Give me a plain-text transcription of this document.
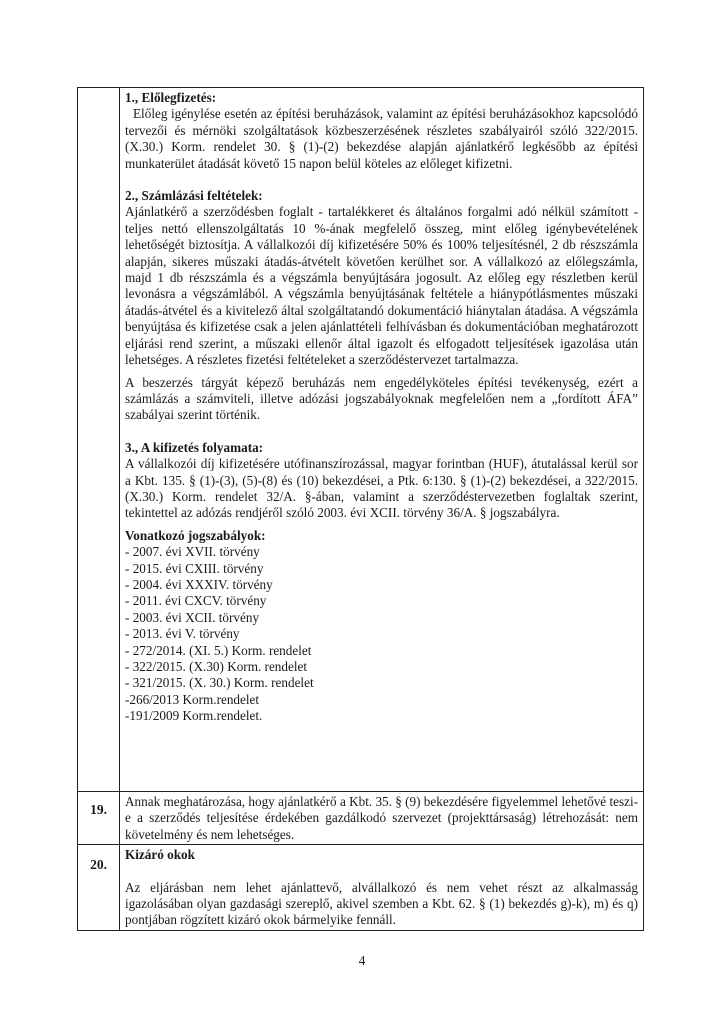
1., Előlegfizetés:
Előleg igénylése esetén az építési beruházások, valamint az építési beruházásokhoz kapcsolódó tervezői és mérnöki szolgáltatások közbeszerzésének részletes szabályairól szóló 322/2015. (X.30.) Korm. rendelet 30. § (1)-(2) bekezdése alapján ajánlatkérő legkésőbb az építési munkaterület átadását követő 15 napon belül köteles az előleget kifizetni.
2., Számlázási feltételek:
Ajánlatkérő a szerződésben foglalt - tartalékkeret és általános forgalmi adó nélkül számított - teljes nettó ellenszolgáltatás 10 %-ának megfelelő összeg, mint előleg igénybevételének lehetőségét biztosítja. A vállalkozói díj kifizetésére 50% és 100% teljesítésnél, 2 db részszámla alapján, sikeres műszaki átadás-átvételt követően kerülhet sor. A vállalkozó az előlegszámla, majd 1 db részszámla és a végszámla benyújtására jogosult. Az előleg egy részletben kerül levonásra a végszámlából. A végszámla benyújtásának feltétele a hiánypótlásmentes műszaki átadás-átvétel és a kivitelező által szolgáltatandó dokumentáció hiánytalan átadása. A végszámla benyújtása és kifizetése csak a jelen ajánlattételi felhívásban és dokumentációban meghatározott eljárási rend szerint, a műszaki ellenőr által igazolt és elfogadott teljesítések igazolása után lehetséges. A részletes fizetési feltételeket a szerződéstervezet tartalmazza.
A beszerzés tárgyát képező beruházás nem engedélyköteles építési tevékenység, ezért a számlázás a számviteli, illetve adózási jogszabályoknak megfelelően nem a „fordított ÁFA” szabályai szerint történik.
3., A kifizetés folyamata:
A vállalkozói díj kifizetésére utófinanszírozással, magyar forintban (HUF), átutalással kerül sor a Kbt. 135. § (1)-(3), (5)-(8) és (10) bekezdései, a Ptk. 6:130. § (1)-(2) bekezdései, a 322/2015. (X.30.) Korm. rendelet 32/A. §-ában, valamint a szerződéstervezetben foglaltak szerint, tekintettel az adózás rendjéről szóló 2003. évi XCII. törvény 36/A. § jogszabályra.
Vonatkozó jogszabályok:
- 2007. évi XVII. törvény
- 2015. évi CXIII. törvény
- 2004. évi XXXIV. törvény
- 2011. évi CXCV. törvény
- 2003. évi XCII. törvény
- 2013. évi V. törvény
- 272/2014. (XI. 5.) Korm. rendelet
- 322/2015. (X.30) Korm. rendelet
- 321/2015. (X. 30.) Korm. rendelet
-266/2013 Korm.rendelet
-191/2009 Korm.rendelet.

19.	Annak meghatározása, hogy ajánlatkérő a Kbt. 35. § (9) bekezdésére figyelemmel lehetővé teszi-e a szerződés teljesítése érdekében gazdálkodó szervezet (projekttársaság) létrehozását: nem követelmény és nem lehetséges.

20.	Kizáró okok
Az eljárásban nem lehet ajánlattevő, alvállalkozó és nem vehet részt az alkalmasság igazolásában olyan gazdasági szereplő, akivel szemben a Kbt. 62. § (1) bekezdés g)-k), m) és q) pontjában rögzített kizáró okok bármelyike fennáll.
4
